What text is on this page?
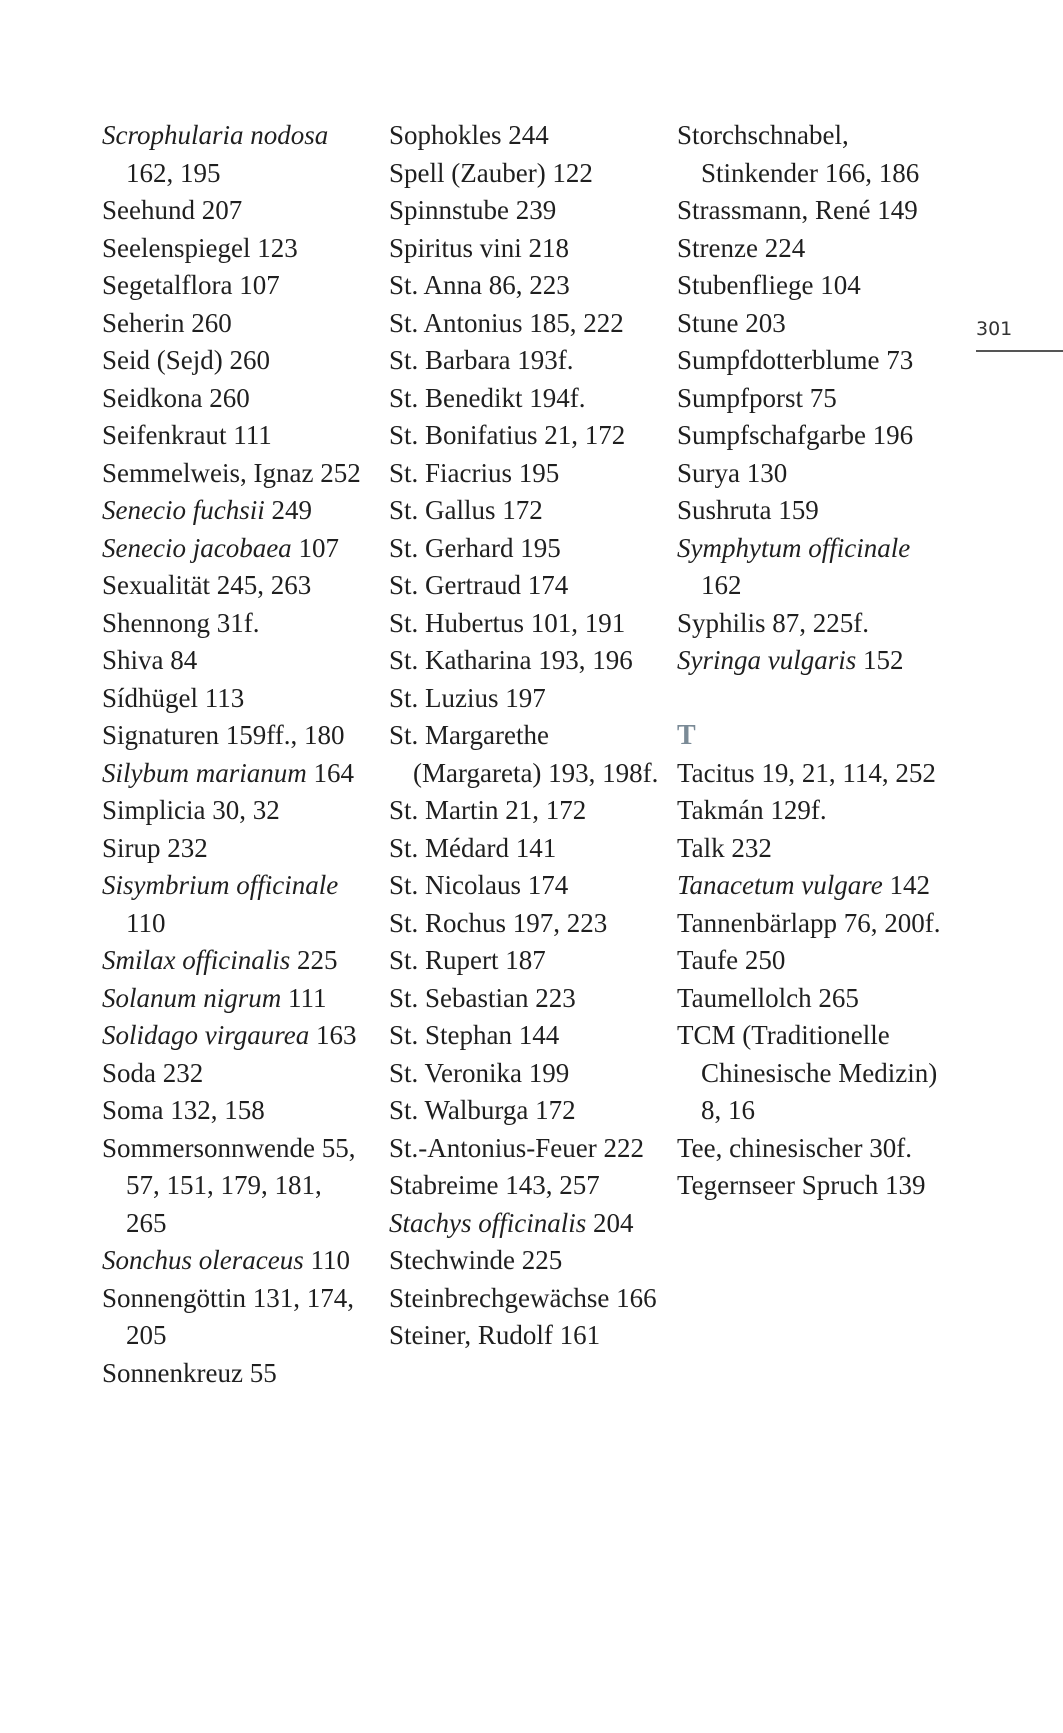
Scrophularia nodosa 162, 195
Seehund 207
Seelenspiegel 123
Segetalflora 107
Seherin 260
Seid (Sejd) 260
Seidkona 260
Seifenkraut 111
Semmelweis, Ignaz 252
Senecio fuchsii 249
Senecio jacobaea 107
Sexualität 245, 263
Shennong 31f.
Shiva 84
Sídhügel 113
Signaturen 159ff., 180
Silybum marianum 164
Simplicia 30, 32
Sirup 232
Sisymbrium officinale 110
Smilax officinalis 225
Solanum nigrum 111
Solidago virgaurea 163
Soda 232
Soma 132, 158
Sommersonnwende 55, 57, 151, 179, 181, 265
Sonchus oleraceus 110
Sonnengöttin 131, 174, 205
Sonnenkreuz 55
Sophokles 244
Spell (Zauber) 122
Spinnstube 239
Spiritus vini 218
St. Anna 86, 223
St. Antonius 185, 222
St. Barbara 193f.
St. Benedikt 194f.
St. Bonifatius 21, 172
St. Fiacrius 195
St. Gallus 172
St. Gerhard 195
St. Gertraud 174
St. Hubertus 101, 191
St. Katharina 193, 196
St. Luzius 197
St. Margarethe (Margareta) 193, 198f.
St. Martin 21, 172
St. Médard 141
St. Nicolaus 174
St. Rochus 197, 223
St. Rupert 187
St. Sebastian 223
St. Stephan 144
St. Veronika 199
St. Walburga 172
St.-Antonius-Feuer 222
Stabreime 143, 257
Stachys officinalis 204
Stechwinde 225
Steinbrechgewächse 166
Steiner, Rudolf 161
Storchschnabel, Stinkender 166, 186
Strassmann, René 149
Strenze 224
Stubenfliege 104
Stune 203
Sumpfdotterblume 73
Sumpfporst 75
Sumpfschafgarbe 196
Surya 130
Sushruta 159
Symphytum officinale 162
Syphilis 87, 225f.
Syringa vulgaris 152
T
Tacitus 19, 21, 114, 252
Takmán 129f.
Talk 232
Tanacetum vulgare 142
Tannenbärlapp 76, 200f.
Taufe 250
Taumellolch 265
TCM (Traditionelle Chinesische Medizin) 8, 16
Tee, chinesischer 30f.
Tegernseer Spruch 139
301
